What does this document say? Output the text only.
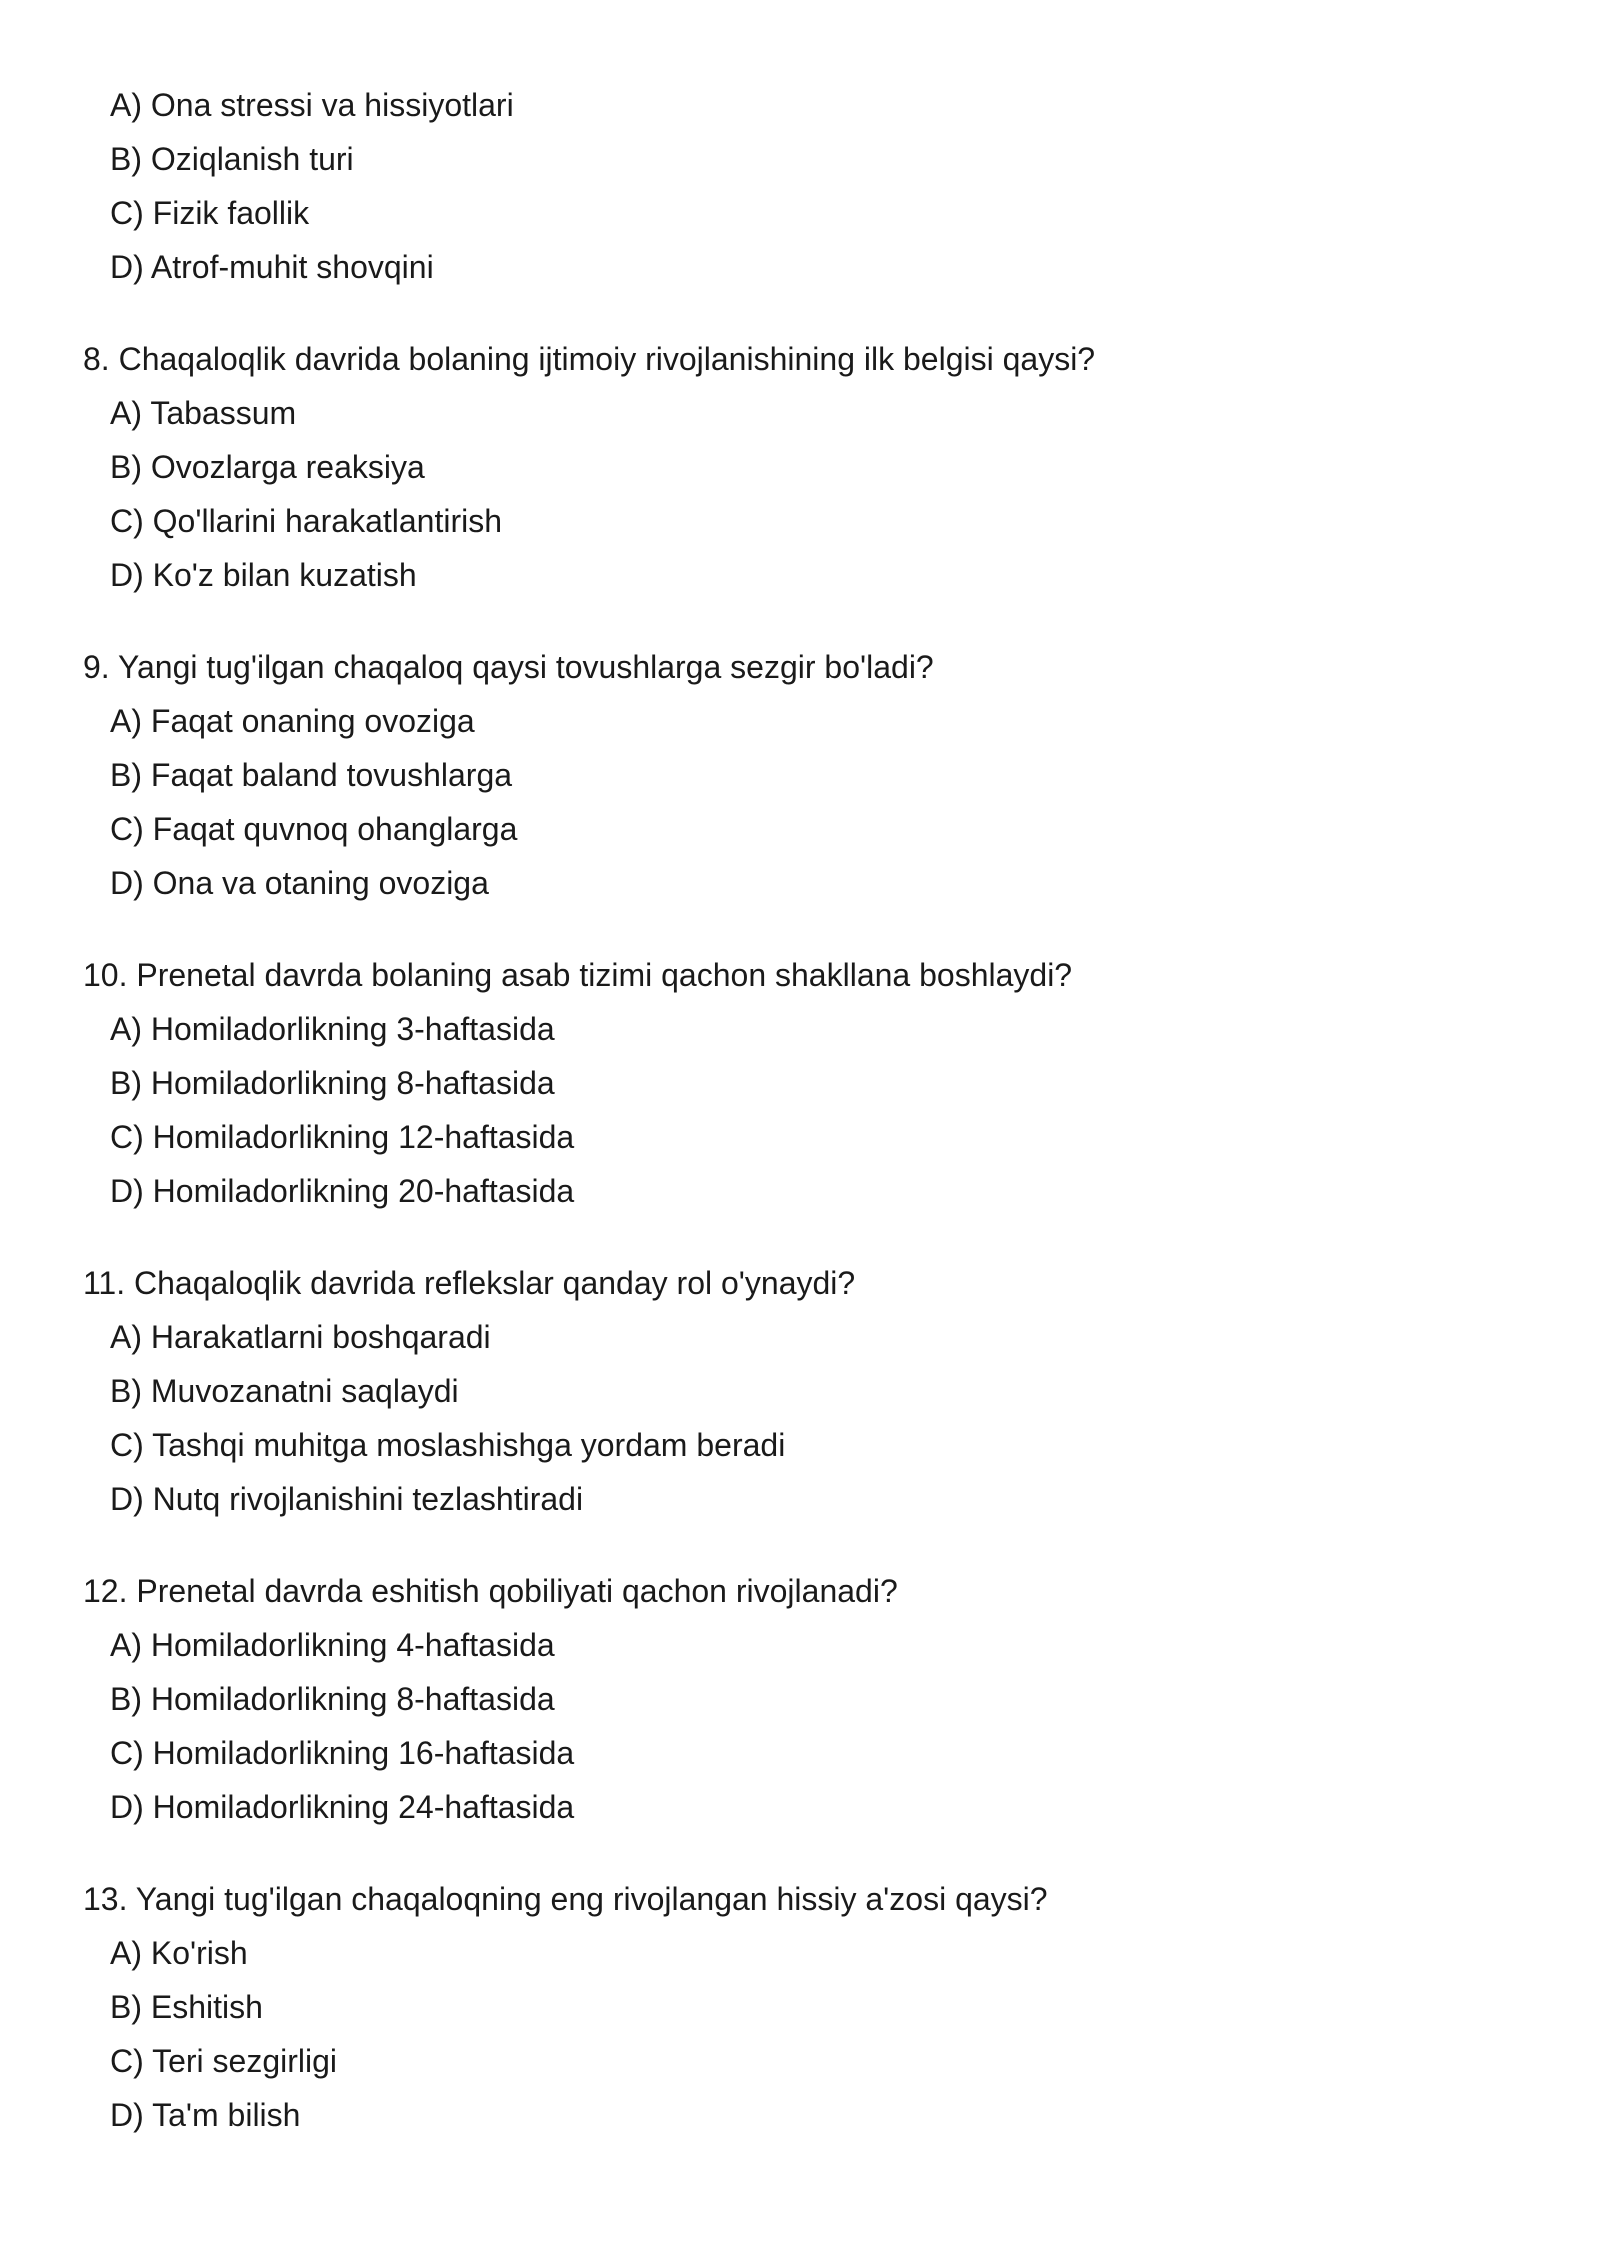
A) Ona stressi va hissiyotlari
B) Oziqlanish turi
C) Fizik faollik
D) Atrof-muhit shovqini
8. Chaqaloqlik davrida bolaning ijtimoiy rivojlanishining ilk belgisi qaysi?
A) Tabassum
B) Ovozlarga reaksiya
C) Qo'llarini harakatlantirish
D) Ko'z bilan kuzatish
9. Yangi tug'ilgan chaqaloq qaysi tovushlarga sezgir bo'ladi?
A) Faqat onaning ovoziga
B) Faqat baland tovushlarga
C) Faqat quvnoq ohanglarga
D) Ona va otaning ovoziga
10. Prenetal davrda bolaning asab tizimi qachon shakllana boshlaydi?
A) Homiladorlikning 3-haftasida
B) Homiladorlikning 8-haftasida
C) Homiladorlikning 12-haftasida
D) Homiladorlikning 20-haftasida
11. Chaqaloqlik davrida reflekslar qanday rol o'ynaydi?
A) Harakatlarni boshqaradi
B) Muvozanatni saqlaydi
C) Tashqi muhitga moslashishga yordam beradi
D) Nutq rivojlanishini tezlashtiradi
12. Prenetal davrda eshitish qobiliyati qachon rivojlanadi?
A) Homiladorlikning 4-haftasida
B) Homiladorlikning 8-haftasida
C) Homiladorlikning 16-haftasida
D) Homiladorlikning 24-haftasida
13. Yangi tug'ilgan chaqaloqning eng rivojlangan hissiy a'zosi qaysi?
A) Ko'rish
B) Eshitish
C) Teri sezgirligi
D) Ta'm bilish
